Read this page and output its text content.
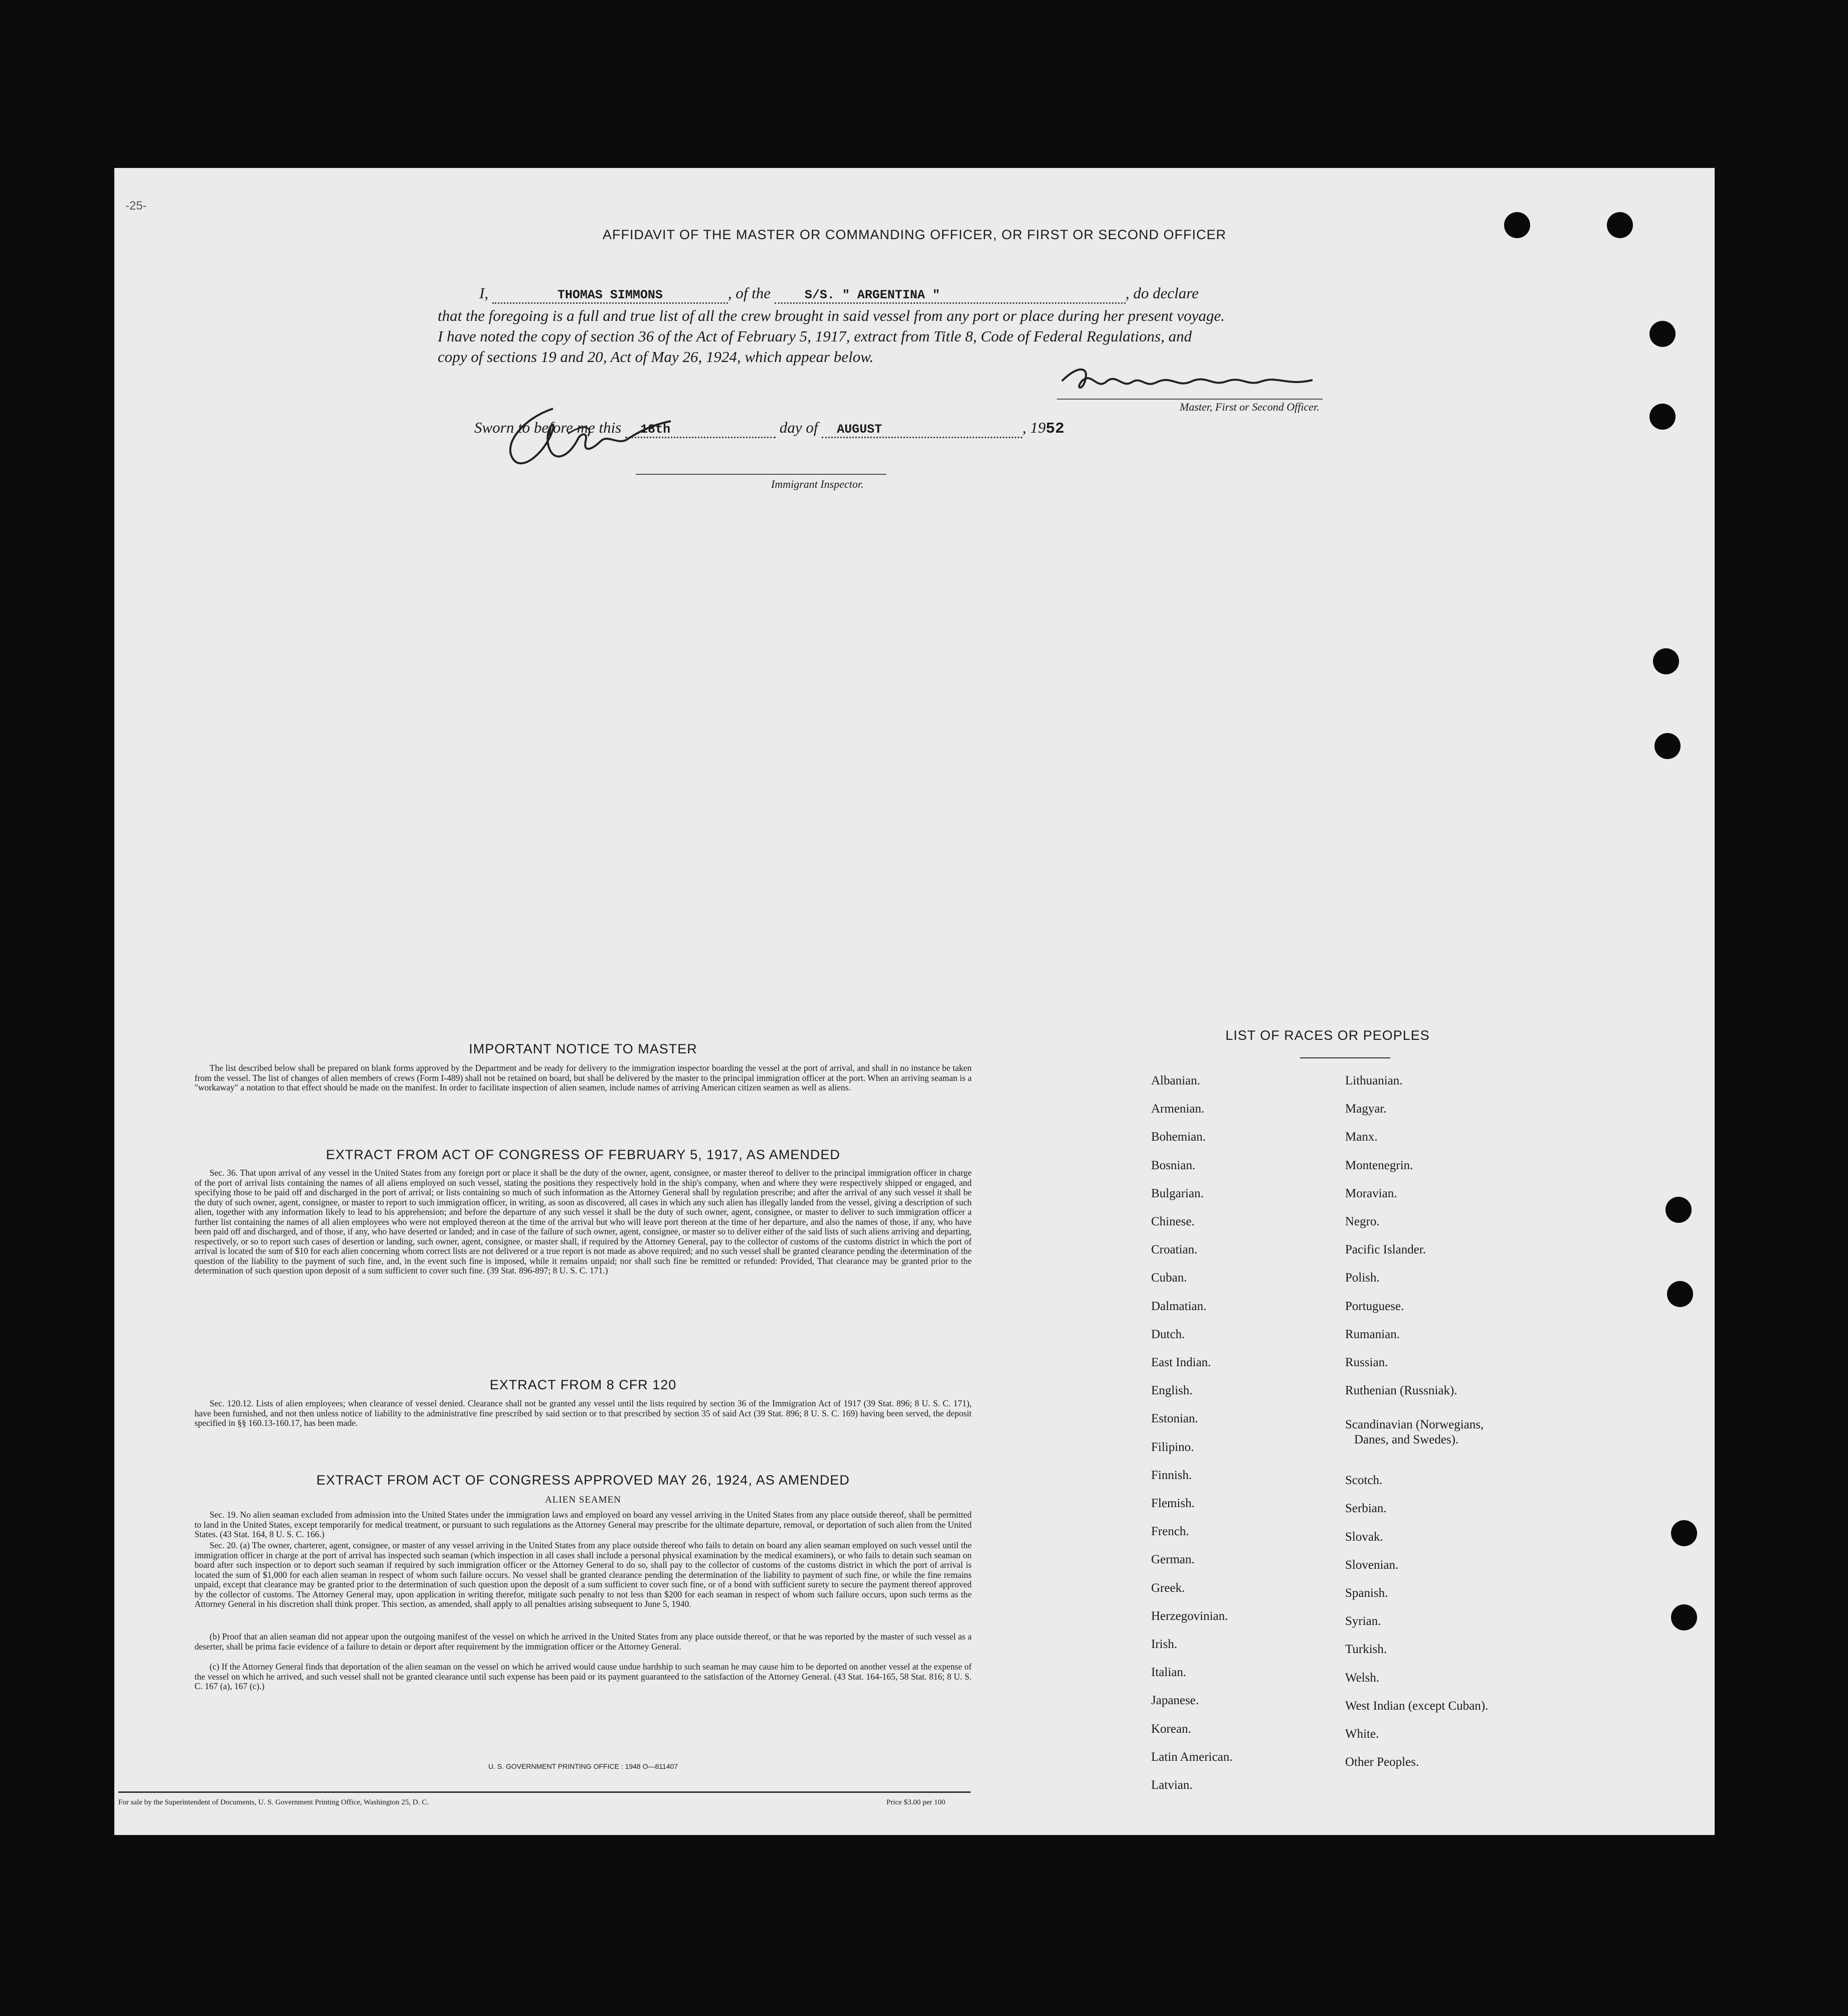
-25-
AFFIDAVIT OF THE MASTER OR COMMANDING OFFICER, OR FIRST OR SECOND OFFICER
I,	THOMAS SIMMONS	, of the	S/S. " ARGENTINA "	, do declare
that the foregoing is a full and true list of all the crew brought in said vessel from any port or place during her present voyage.
I have noted the copy of section 36 of the Act of February 5, 1917, extract from Title 8, Code of Federal Regulations, and
copy of sections 19 and 20, Act of May 26, 1924, which appear below.
Master, First or Second Officer.
Sworn to before me this 18th	day of AUGUST	, 1952
Immigrant Inspector.
IMPORTANT NOTICE TO MASTER
The list described below shall be prepared on blank forms approved by the Department and be ready for delivery to the immigration inspector boarding the vessel at the port of arrival, and shall in no instance be taken from the vessel. The list of changes of alien members of crews (Form I-489) shall not be retained on board, but shall be delivered by the master to the principal immigration officer at the port. When an arriving seaman is a "workaway" a notation to that effect should be made on the manifest. In order to facilitate inspection of alien seamen, include names of arriving American citizen seamen as well as aliens.
EXTRACT FROM ACT OF CONGRESS OF FEBRUARY 5, 1917, AS AMENDED
Sec. 36. That upon arrival of any vessel in the United States from any foreign port or place it shall be the duty of the owner, agent, consignee, or master thereof to deliver to the principal immigration officer in charge of the port of arrival lists containing the names of all aliens employed on such vessel, stating the positions they respectively hold in the ship's company, when and where they were respectively shipped or engaged, and specifying those to be paid off and discharged in the port of arrival; or lists containing so much of such information as the Attorney General shall by regulation prescribe; and after the arrival of any such vessel it shall be the duty of such owner, agent, consignee, or master to report to such immigration officer, in writing, as soon as discovered, all cases in which any such alien has illegally landed from the vessel, giving a description of such alien, together with any information likely to lead to his apprehension; and before the departure of any such vessel it shall be the duty of such owner, agent, consignee, or master to deliver to such immigration officer a further list containing the names of all alien employees who were not employed thereon at the time of the arrival but who will leave port thereon at the time of her departure, and also the names of those, if any, who have been paid off and discharged, and of those, if any, who have deserted or landed; and in case of the failure of such owner, agent, consignee, or master so to deliver either of the said lists of such aliens arriving and departing, respectively, or so to report such cases of desertion or landing, such owner, agent, consignee, or master shall, if required by the Attorney General, pay to the collector of customs of the customs district in which the port of arrival is located the sum of $10 for each alien concerning whom correct lists are not delivered or a true report is not made as above required; and no such vessel shall be granted clearance pending the determination of the question of the liability to the payment of such fine, and, in the event such fine is imposed, while it remains unpaid; nor shall such fine be remitted or refunded: Provided, That clearance may be granted prior to the determination of such question upon deposit of a sum sufficient to cover such fine. (39 Stat. 896-897; 8 U. S. C. 171.)
EXTRACT FROM 8 CFR 120
Sec. 120.12. Lists of alien employees; when clearance of vessel denied. Clearance shall not be granted any vessel until the lists required by section 36 of the Immigration Act of 1917 (39 Stat. 896; 8 U. S. C. 171), have been furnished, and not then unless notice of liability to the administrative fine prescribed by said section or to that prescribed by section 35 of said Act (39 Stat. 896; 8 U. S. C. 169) having been served, the deposit specified in §§ 160.13-160.17, has been made.
EXTRACT FROM ACT OF CONGRESS APPROVED MAY 26, 1924, AS AMENDED
ALIEN SEAMEN
Sec. 19. No alien seaman excluded from admission into the United States under the immigration laws and employed on board any vessel arriving in the United States from any place outside thereof, shall be permitted to land in the United States, except temporarily for medical treatment, or pursuant to such regulations as the Attorney General may prescribe for the ultimate departure, removal, or deportation of such alien from the United States. (43 Stat. 164, 8 U. S. C. 166.)
Sec. 20. (a) The owner, charterer, agent, consignee, or master of any vessel arriving in the United States from any place outside thereof who fails to detain on board any alien seaman employed on such vessel until the immigration officer in charge at the port of arrival has inspected such seaman (which inspection in all cases shall include a personal physical examination by the medical examiners), or who fails to detain such seaman on board after such inspection or to deport such seaman if required by such immigration officer or the Attorney General to do so, shall pay to the collector of customs of the customs district in which the port of arrival is located the sum of $1,000 for each alien seaman in respect of whom such failure occurs. No vessel shall be granted clearance pending the determination of the liability to payment of such fine, or while the fine remains unpaid, except that clearance may be granted prior to the determination of such question upon the deposit of a sum sufficient to cover such fine, or of a bond with sufficient surety to secure the payment thereof approved by the collector of customs. The Attorney General may, upon application in writing therefor, mitigate such penalty to not less than $200 for each seaman in respect of whom such failure occurs, upon such terms as the Attorney General in his discretion shall think proper. This section, as amended, shall apply to all penalties arising subsequent to June 5, 1940.
(b) Proof that an alien seaman did not appear upon the outgoing manifest of the vessel on which he arrived in the United States from any place outside thereof, or that he was reported by the master of such vessel as a deserter, shall be prima facie evidence of a failure to detain or deport after requirement by the immigration officer or the Attorney General.
(c) If the Attorney General finds that deportation of the alien seaman on the vessel on which he arrived would cause undue hardship to such seaman he may cause him to be deported on another vessel at the expense of the vessel on which he arrived, and such vessel shall not be granted clearance until such expense has been paid or its payment guaranteed to the satisfaction of the Attorney General. (43 Stat. 164-165, 58 Stat. 816; 8 U. S. C. 167 (a), 167 (c).)
U. S. GOVERNMENT PRINTING OFFICE : 1948 O—811407
For sale by the Superintendent of Documents, U. S. Government Printing Office, Washington 25, D. C.	Price $3.00 per 100
LIST OF RACES OR PEOPLES
Albanian.
Armenian.
Bohemian.
Bosnian.
Bulgarian.
Chinese.
Croatian.
Cuban.
Dalmatian.
Dutch.
East Indian.
English.
Estonian.
Filipino.
Finnish.
Flemish.
French.
German.
Greek.
Herzegovinian.
Irish.
Italian.
Japanese.
Korean.
Latin American.
Latvian.
Lithuanian.
Magyar.
Manx.
Montenegrin.
Moravian.
Negro.
Pacific Islander.
Polish.
Portuguese.
Rumanian.
Russian.
Ruthenian (Russniak).
Scandinavian (Norwegians,
Danes, and Swedes).
Scotch.
Serbian.
Slovak.
Slovenian.
Spanish.
Syrian.
Turkish.
Welsh.
West Indian (except Cuban).
White.
Other Peoples.
